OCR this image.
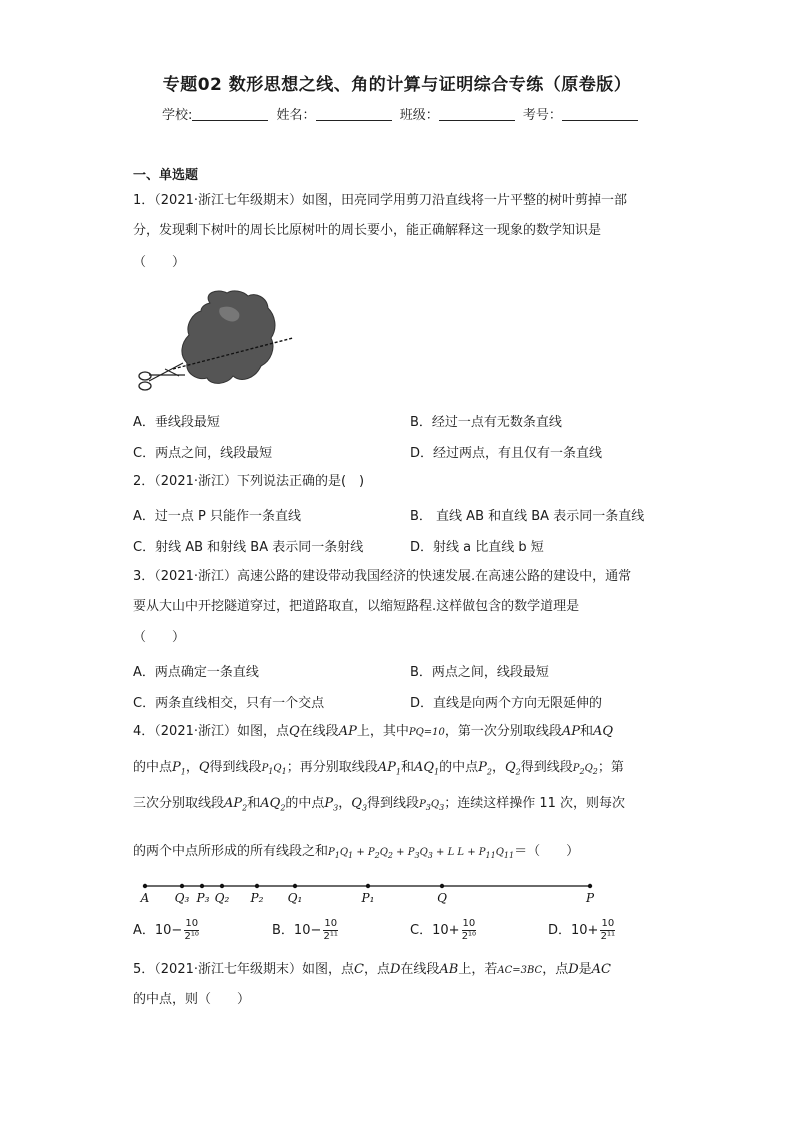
专题02 数形思想之线、角的计算与证明综合专练（原卷版）
学校:	姓名：	班级：	考号：
一、单选题
1．（2021·浙江七年级期末）如图，田亮同学用剪刀沿直线将一片平整的树叶剪掉一部
分，发现剩下树叶的周长比原树叶的周长要小，能正确解释这一现象的数学知识是
（　　）
A．垂线段最短	B．经过一点有无数条直线
C．两点之间，线段最短	D．经过两点，有且仅有一条直线
2．（2021·浙江）下列说法正确的是(　)
A．过一点 P 只能作一条直线	B． 直线 AB 和直线 BA 表示同一条直线
C．射线 AB 和射线 BA 表示同一条射线	D．射线 a 比直线 b 短
3．（2021·浙江）高速公路的建设带动我国经济的快速发展.在高速公路的建设中，通常
要从大山中开挖隧道穿过，把道路取直，以缩短路程.这样做包含的数学道理是
（　　）
A．两点确定一条直线	B．两点之间，线段最短
C．两条直线相交，只有一个交点	D．直线是向两个方向无限延伸的
4．（2021·浙江）如图，点Q在线段AP上，其中PQ=10，第一次分别取线段AP和AQ
的中点$P_1$，Q得到线段$P_1Q_1$；再分别取线段$AP_1$和$AQ_1$的中点$P_2$，$Q_2$得到线段$P_2Q_2$；第
三次分别取线段$AP_2$和$AQ_2$的中点$P_3$，$Q_3$得到线段$P_3Q_3$；连续这样操作 11 次，则每次
的两个中点所形成的所有线段之和$P_1Q_1 + P_2Q_2 + P_3Q_3 + L$ $L + P_{11}Q_{11}=$（　　）
A Q₃ P₃ Q₂ P₂ Q₁	P₁	Q	P
A．$10- \frac{10}{\text{2¹⁰}}$	B．$10- \frac{10}{\text{2¹¹}}$	C．$10+ \frac{10}{\text{2¹⁰}}$	D．$10+ \frac{10}{\text{2¹¹}}$
5．（2021·浙江七年级期末）如图，点C，点D在线段AB上，若AC=3BC，点D是AC
的中点，则（　　）
